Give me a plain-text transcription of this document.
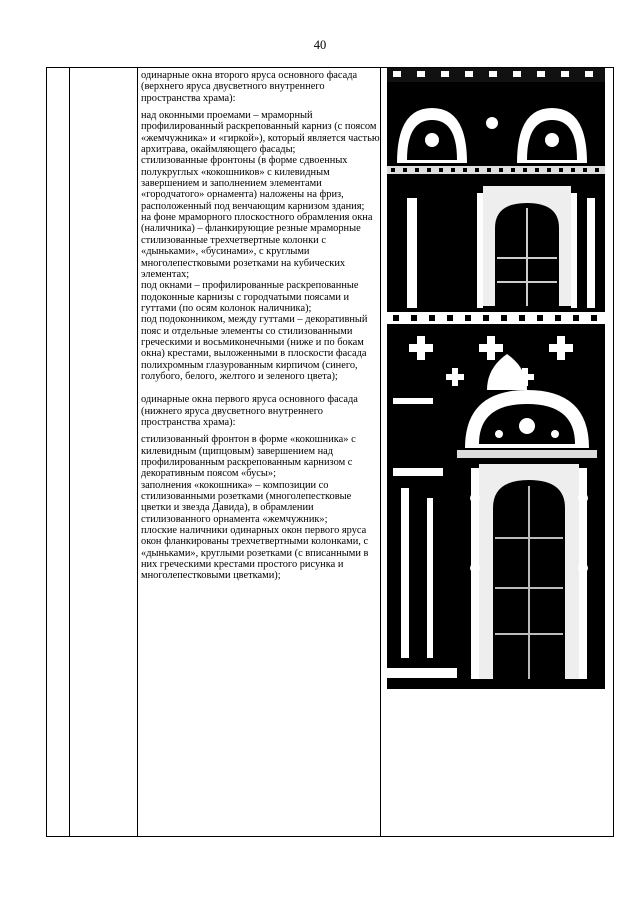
40

одинарные окна второго яруса основного фасада (верхнего яруса двусветного внутреннего пространства храма):

над оконными проемами – мраморный профилированный раскрепованный карниз (с поясом «жемчужника» и «гиркой»), который является частью архитрава, окаймляющего фасады;

стилизованные фронтоны (в форме сдвоенных полукруглых «кокошников» с килевидным завершением и заполнением элементами «городчатого» орнамента) наложены на фриз, расположенный под венчающим карнизом здания;

на фоне мраморного плоскостного обрамления окна (наличника) – фланкирующие резные мраморные стилизованные трехчетвертные колонки с «дыньками», «бусинами», с круглыми многолепестковыми розетками на кубических элементах;

под окнами – профилированные раскрепованные подоконные карнизы с городчатыми поясами и гуттами (по осям колонок наличника);

под подоконником, между гуттами – декоративный пояс и отдельные элементы со стилизованными греческими и восьмиконечными (ниже и по бокам окна) крестами, выложенными в плоскости фасада полихромным глазурованным кирпичом (синего, голубого, белого, желтого и зеленого цвета);

одинарные окна первого яруса основного фасада (нижнего яруса двусветного внутреннего пространства храма):

стилизованный фронтон в форме «кокошника» с килевидным (щипцовым) завершением над профилированным раскрепованным карнизом с декоративным поясом «бусы»;

заполнения «кокошника» – композиции со стилизованными розетками (многолепестковые цветки и звезда Давида), в обрамлении стилизованного орнамента «жемчужник»;

плоские наличники одинарных окон первого яруса окон фланкированы трехчетвертными колонками, с «дыньками», круглыми розетками (с вписанными в них греческими крестами простого рисунка и многолепестковыми цветками);
